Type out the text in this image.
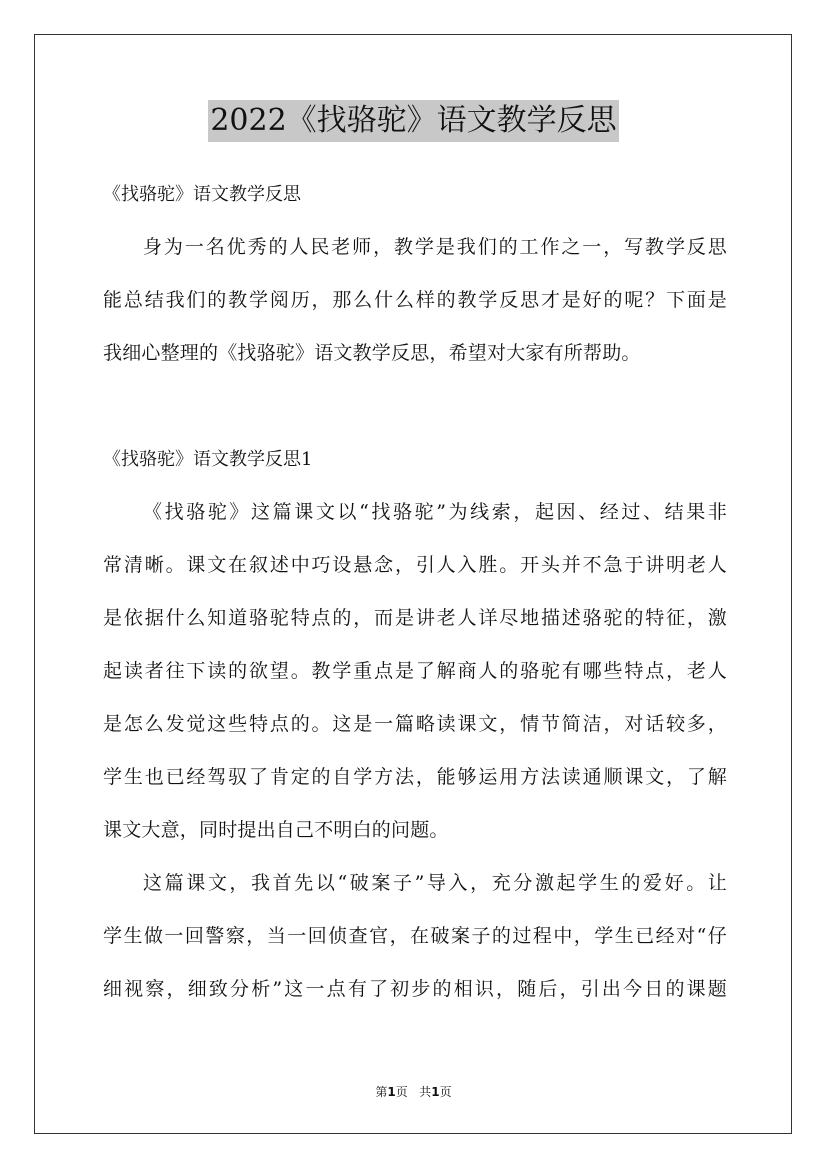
2022《找骆驼》语文教学反思
《找骆驼》语文教学反思
身为一名优秀的人民老师，教学是我们的工作之一，写教学反思
能总结我们的教学阅历，那么什么样的教学反思才是好的呢？下面是
我细心整理的《找骆驼》语文教学反思，希望对大家有所帮助。
《找骆驼》语文教学反思1
《找骆驼》这篇课文以“找骆驼”为线索，起因、经过、结果非
常清晰。课文在叙述中巧设悬念，引人入胜。开头并不急于讲明老人
是依据什么知道骆驼特点的，而是讲老人详尽地描述骆驼的特征，激
起读者往下读的欲望。教学重点是了解商人的骆驼有哪些特点，老人
是怎么发觉这些特点的。这是一篇略读课文，情节简洁，对话较多，
学生也已经驾驭了肯定的自学方法，能够运用方法读通顺课文，了解
课文大意，同时提出自己不明白的问题。
这篇课文，我首先以“破案子”导入，充分激起学生的爱好。让
学生做一回警察，当一回侦查官，在破案子的过程中，学生已经对“仔
细视察，细致分析”这一点有了初步的相识，随后，引出今日的课题
第1页 共1页
